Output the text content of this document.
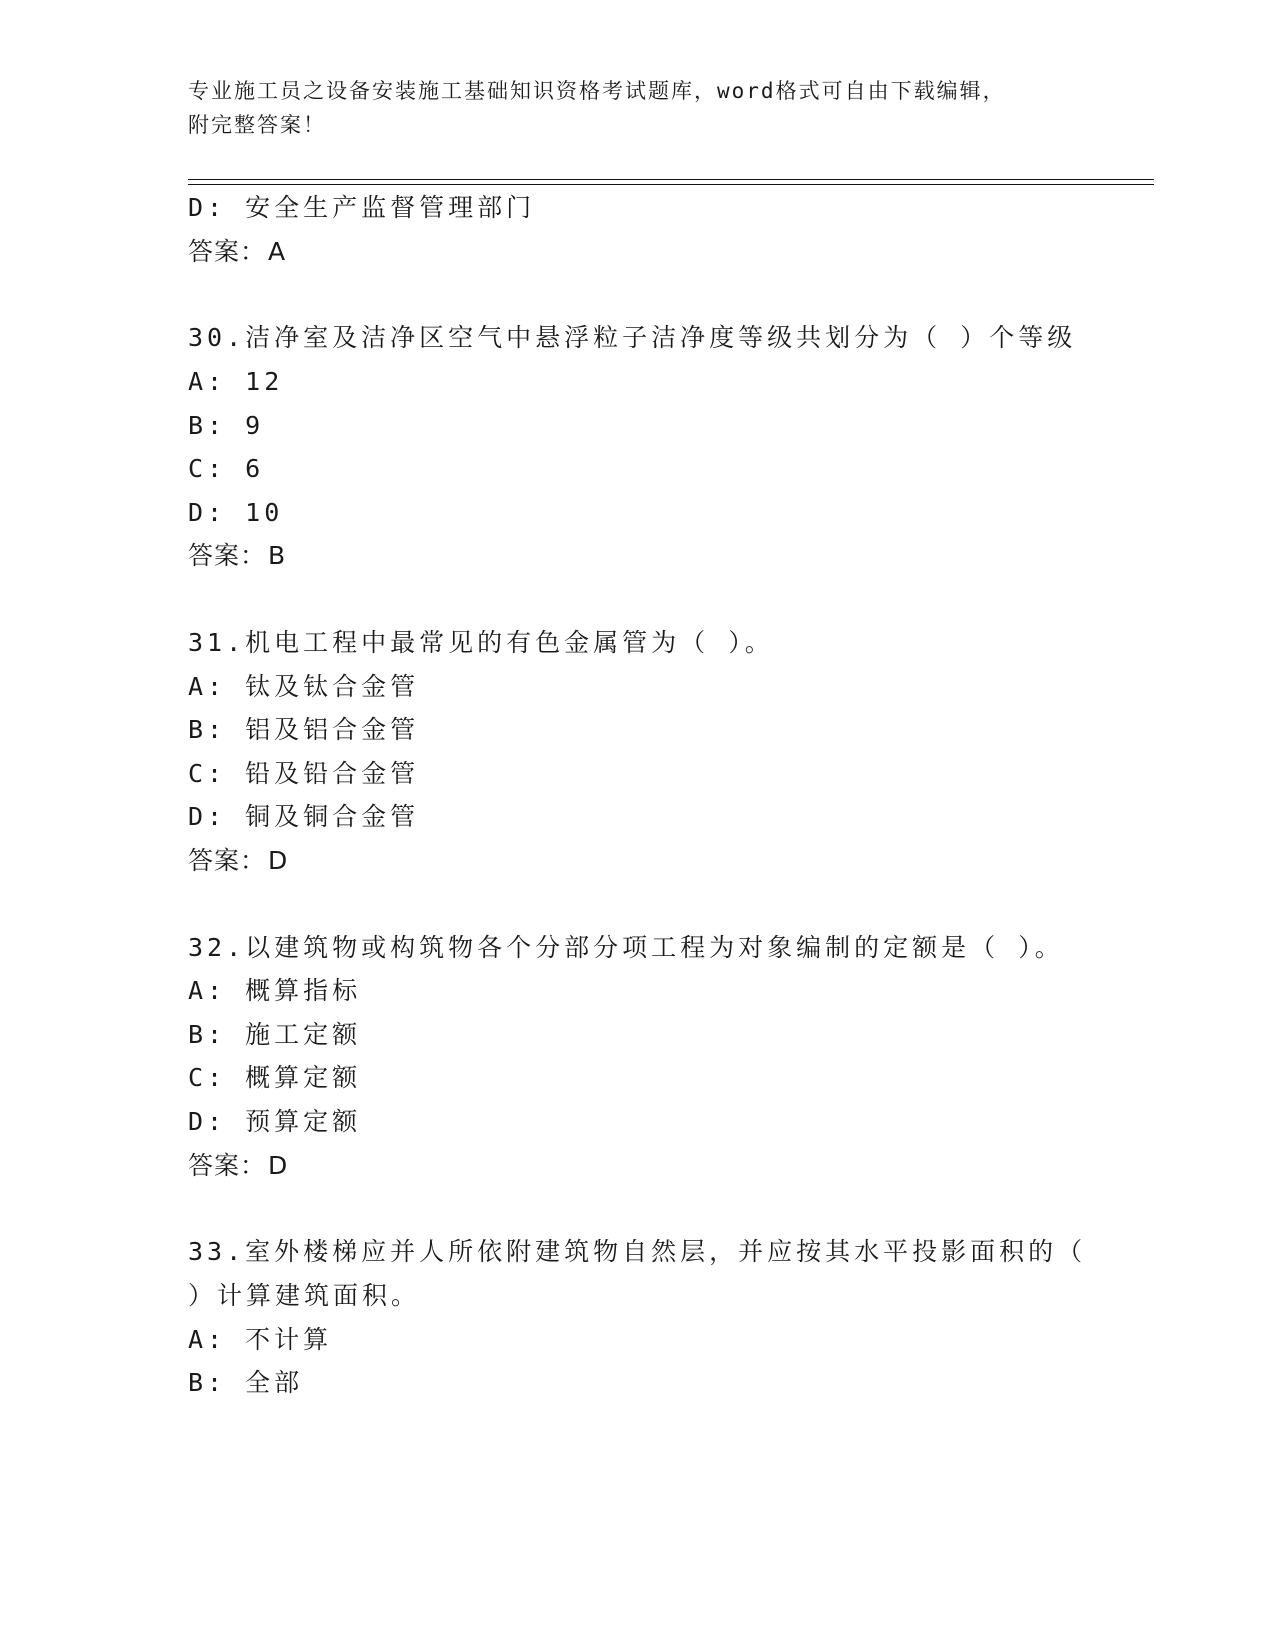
专业施工员之设备安装施工基础知识资格考试题库，word格式可自由下载编辑，
附完整答案！
D: 安全生产监督管理部门
答案：A
30.洁净室及洁净区空气中悬浮粒子洁净度等级共划分为（ ）个等级
A: 12
B: 9
C: 6
D: 10
答案：B
31.机电工程中最常见的有色金属管为（ ）。
A: 钛及钛合金管
B: 铝及铝合金管
C: 铅及铅合金管
D: 铜及铜合金管
答案：D
32.以建筑物或构筑物各个分部分项工程为对象编制的定额是（ ）。
A: 概算指标
B: 施工定额
C: 概算定额
D: 预算定额
答案：D
33.室外楼梯应并人所依附建筑物自然层，并应按其水平投影面积的（
）计算建筑面积。
A: 不计算
B: 全部
